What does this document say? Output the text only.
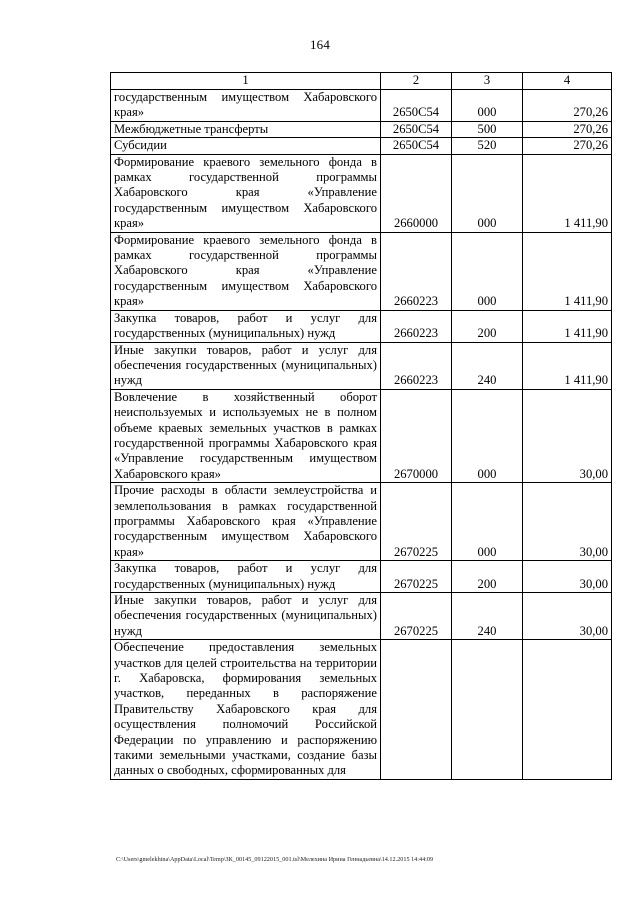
164
1	2	3	4
государственным имуществом Хабаровского края»	2650С54	000	270,26
Межбюджетные трансферты	2650С54	500	270,26
Субсидии	2650С54	520	270,26
Формирование краевого земельного фонда в рамках государственной программы Хабаровского края «Управление государственным имуществом Хабаровского края»	2660000	000	1 411,90
Формирование краевого земельного фонда в рамках государственной программы Хабаровского края «Управление государственным имуществом Хабаровского края»	2660223	000	1 411,90
Закупка товаров, работ и услуг для государственных (муниципальных) нужд	2660223	200	1 411,90
Иные закупки товаров, работ и услуг для обеспечения государственных (муниципальных) нужд	2660223	240	1 411,90
Вовлечение в хозяйственный оборот неиспользуемых и используемых не в полном объеме краевых земельных участков в рамках государственной программы Хабаровского края «Управление государственным имуществом Хабаровского края»	2670000	000	30,00
Прочие расходы в области землеустройства и землепользования в рамках государственной программы Хабаровского края «Управление государственным имуществом Хабаровского края»	2670225	000	30,00
Закупка товаров, работ и услуг для государственных (муниципальных) нужд	2670225	200	30,00
Иные закупки товаров, работ и услуг для обеспечения государственных (муниципальных) нужд	2670225	240	30,00
Обеспечение предоставления земельных участков для целей строительства на территории г. Хабаровска, формирования земельных участков, переданных в распоряжение Правительству Хабаровского края для осуществления полномочий Российской Федерации по управлению и распоряжению такими земельными участками, создание базы данных о свободных, сформированных для			
C:\Users\gmelekhina\AppData\Local\Temp\ЗК_00145_09122015_001.tsl\Мелехина Ирина Геннадьевна\14.12.2015 14:44:09
